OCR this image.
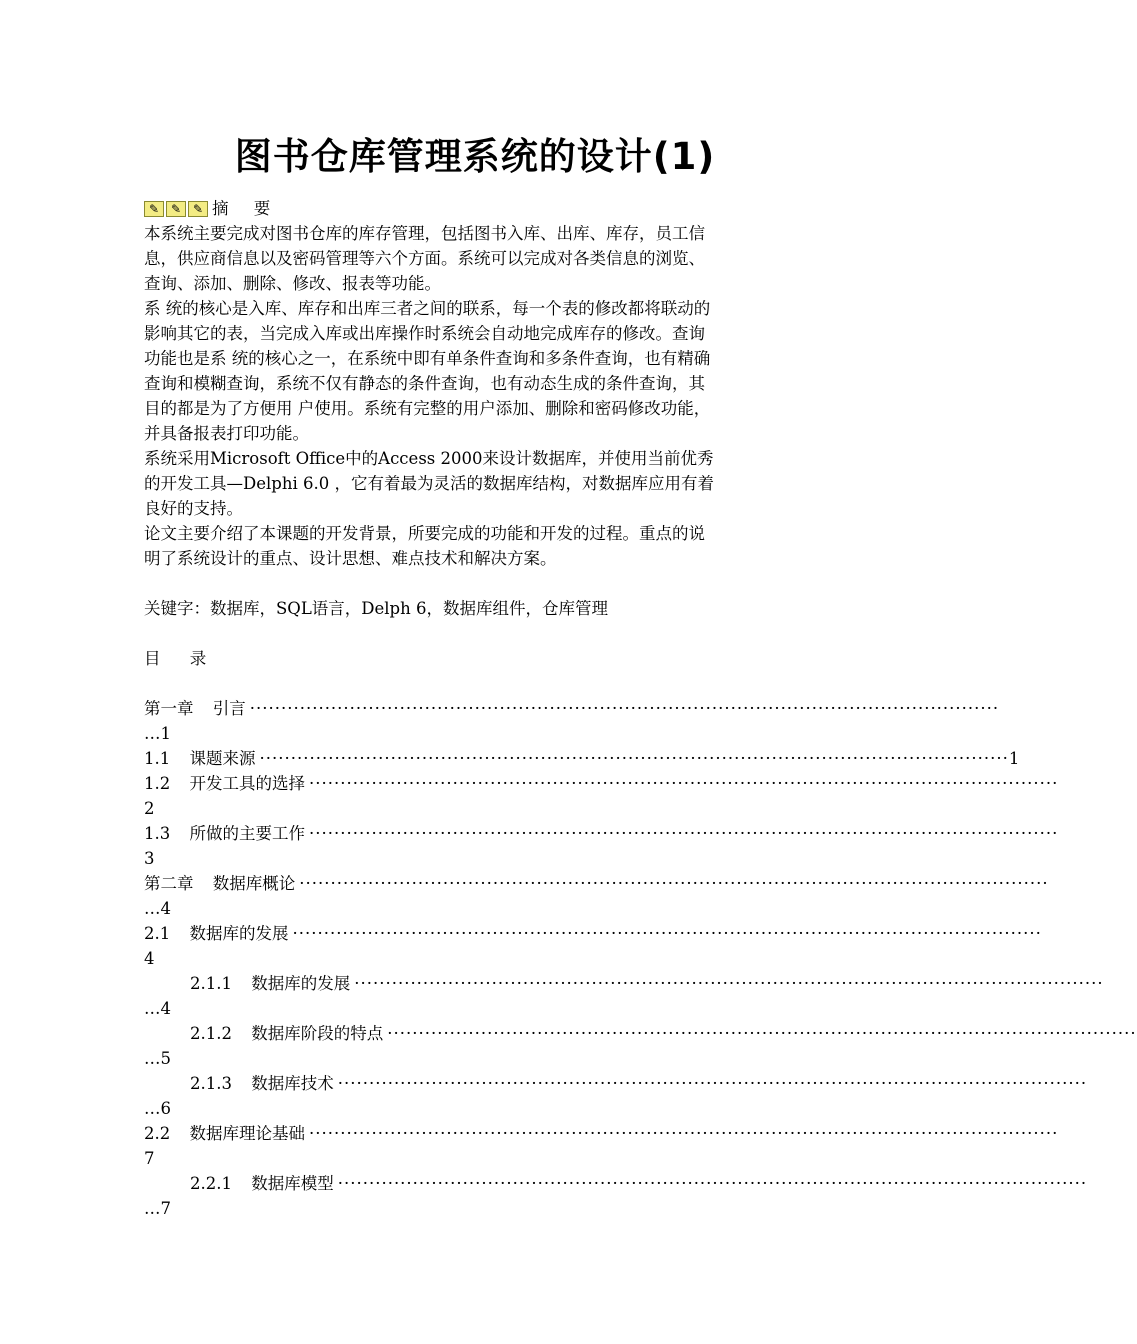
图书仓库管理系统的设计(1)
✎ ✎ ✎ 摘 要
本系统主要完成对图书仓库的库存管理，包括图书入库、出库、库存，员工信
息，供应商信息以及密码管理等六个方面。系统可以完成对各类信息的浏览、
查询、添加、删除、修改、报表等功能。
系 统的核心是入库、库存和出库三者之间的联系，每一个表的修改都将联动的
影响其它的表，当完成入库或出库操作时系统会自动地完成库存的修改。查询
功能也是系 统的核心之一，在系统中即有单条件查询和多条件查询，也有精确
查询和模糊查询，系统不仅有静态的条件查询，也有动态生成的条件查询，其
目的都是为了方便用 户使用。系统有完整的用户添加、删除和密码修改功能，
并具备报表打印功能。
系统采用Microsoft Office中的Access 2000来设计数据库，并使用当前优秀
的开发工具—Delphi 6.0 ，它有着最为灵活的数据库结构，对数据库应用有着
良好的支持。
论文主要介绍了本课题的开发背景，所要完成的功能和开发的过程。重点的说
明了系统设计的重点、设计思想、难点技术和解决方案。
关键字：数据库，SQL语言，Delph 6，数据库组件，仓库管理
目 录
第一章 引言 ························································································································
…1
1.1 课题来源 ························································································································ 1
1.2 开发工具的选择 ························································································································
2
1.3 所做的主要工作 ························································································································
3
第二章 数据库概论 ························································································································
…4
2.1 数据库的发展 ························································································································
4
2.1.1 数据库的发展 ························································································································
…4
2.1.2 数据库阶段的特点 ························································································································
…5
2.1.3 数据库技术 ························································································································
…6
2.2 数据库理论基础 ························································································································
7
2.2.1 数据库模型 ························································································································
…7
